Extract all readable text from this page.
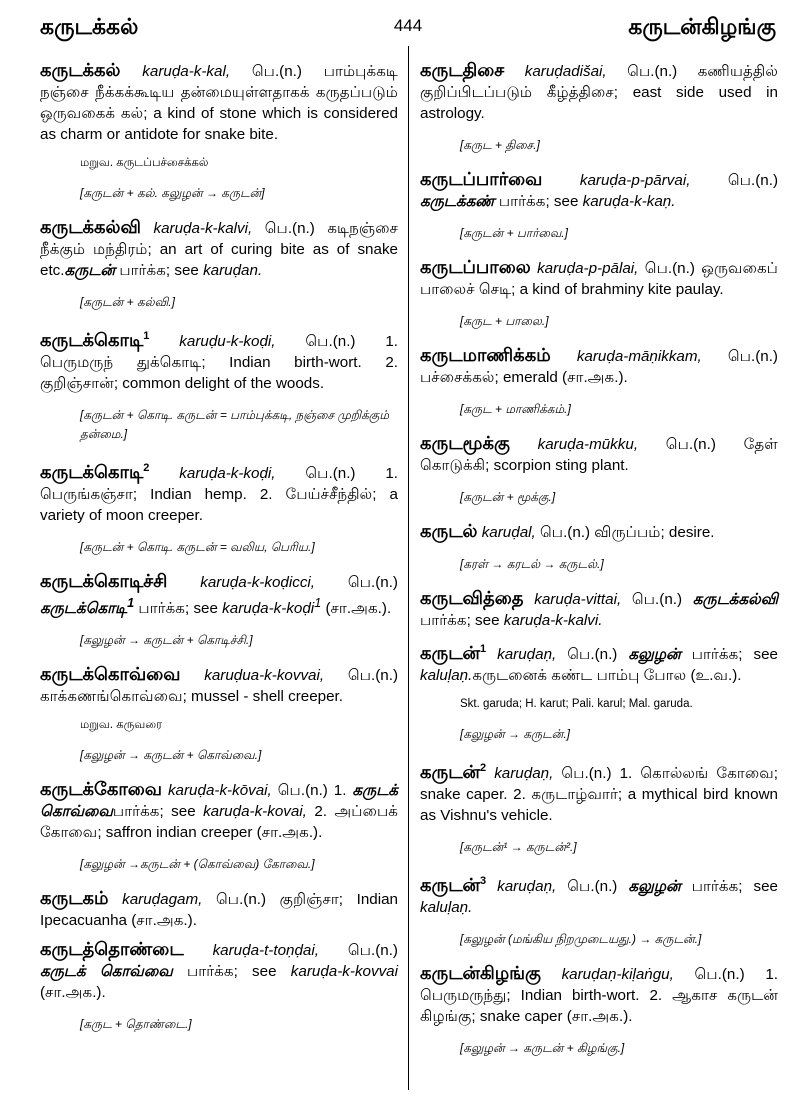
கருடக்கல்	444	கருடன்கிழங்கு
கருடக்கல் karuḍa-k-kal, பெ.(n.) பாம்புக்கடி நஞ்சை நீக்கக்கூடிய தன்மையுள்ளதாகக் கருதப்படும் ஒருவகைக் கல்; a kind of stone which is considered as charm or antidote for snake bite.
மறுவ. கருடப்பச்சைக்கல்
[கருடன் + கல். கலுழன் → கருடன்]
கருடக்கல்வி karuḍa-k-kalvi, பெ.(n.) கடிநஞ்சை நீக்கும் மந்திரம்; an art of curing bite as of snake etc.கருடன் பார்க்க; see karuḍan.
[கருடன் + கல்வி.]
கருடக்கொடி$^1$ karuḍu-k-koḍi, பெ.(n.) 1. பெருமருந் துக்கொடி; Indian birth-wort. 2. குறிஞ்சான்; common delight of the woods.
[கருடன் + கொடி. கருடன் = பாம்புக்கடி, நஞ்சை முறிக்கும் தன்மை.]
கருடக்கொடி$^2$ karuḍa-k-koḍi, பெ.(n.) 1. பெருங்கஞ்சா; Indian hemp. 2. பேய்ச்சீந்தில்; a variety of moon creeper.
[கருடன் + கொடி. கருடன் = வலிய, பெரிய.]
கருடக்கொடிச்சி karuḍa-k-koḍicci, பெ.(n.) கருடக்கொடி$^1$ பார்க்க; see karuḍa-k-koḍi$^1$ (சா.அக.).
[கலுழன் → கருடன் + கொடிச்சி.]
கருடக்கொவ்வை karuḍua-k-kovvai, பெ.(n.) காக்கணங்கொவ்வை; mussel - shell creeper.
மறுவ. கருவரை
[கலுழன் → கருடன் + கொவ்வை.]
கருடக்கோவை karuḍa-k-kōvai, பெ.(n.) 1. கருடக் கொவ்வைபார்க்க; see karuḍa-k-kovai, 2. அப்பைக் கோவை; saffron indian creeper (சா.அக.).
[கலுழன் →கருடன் + (கொவ்வை) கோவை.]
கருடகம் karuḍagam, பெ.(n.) குறிஞ்சா; Indian Ipecacuanha (சா.அக.).
கருடத்தொண்டை karuḍa-t-toṇḍai, பெ.(n.) கருடக் கொவ்வை பார்க்க; see karuḍa-k-kovvai (சா.அக.).
[கருட + தொண்டை.]
கருடதிசை karuḍadišai, பெ.(n.) கணியத்தில் குறிப்பிடப்படும் கீழ்த்திசை; east side used in astrology.
[கருட + திசை.]
கருடப்பார்வை karuḍa-p-pārvai, பெ.(n.) கருடக்கண் பார்க்க; see karuḍa-k-kaṇ.
[கருடன் + பார்வை.]
கருடப்பாலை karuḍa-p-pālai, பெ.(n.) ஒருவகைப் பாலைச் செடி; a kind of brahminy kite paulay.
[கருட + பாலை.]
கருடமாணிக்கம் karuḍa-māṇikkam, பெ.(n.) பச்சைக்கல்; emerald (சா.அக.).
[கருட + மாணிக்கம்.]
கருடமூக்கு karuḍa-mūkku, பெ.(n.) தேள் கொடுக்கி; scorpion sting plant.
[கருடன் + மூக்கு.]
கருடல் karuḍal, பெ.(n.) விருப்பம்; desire.
[கரள் → கரடல் → கருடல்.]
கருடவித்தை karuḍa-vittai, பெ.(n.) கருடக்கல்வி பார்க்க; see karuḍa-k-kalvi.
கருடன்$^1$ karuḍaṇ, பெ.(n.) கலுழன் பார்க்க; see kaluḷaṇ.கருடனைக் கண்ட பாம்பு போல (உ.வ.).
Skt. garuda; H. karut; Pali. karul; Mal. garuda.
[கலுழன் → கருடன்.]
கருடன்$^2$ karuḍaṇ, பெ.(n.) 1. கொல்லங் கோவை; snake caper. 2. கருடாழ்வார்; a mythical bird known as Vishnu's vehicle.
[கருடன்¹ → கருடன்².]
கருடன்$^3$ karuḍaṇ, பெ.(n.) கலுழன் பார்க்க; see kaluḷaṇ.
[கலுழன் (மங்கிய நிறமுடையது.) → கருடன்.]
கருடன்கிழங்கு karuḍaṇ-kiḷaṅgu, பெ.(n.) 1. பெருமருந்து; Indian birth-wort. 2. ஆகாச கருடன் கிழங்கு; snake caper (சா.அக.).
[கலுழன் → கருடன் + கிழங்கு.]
